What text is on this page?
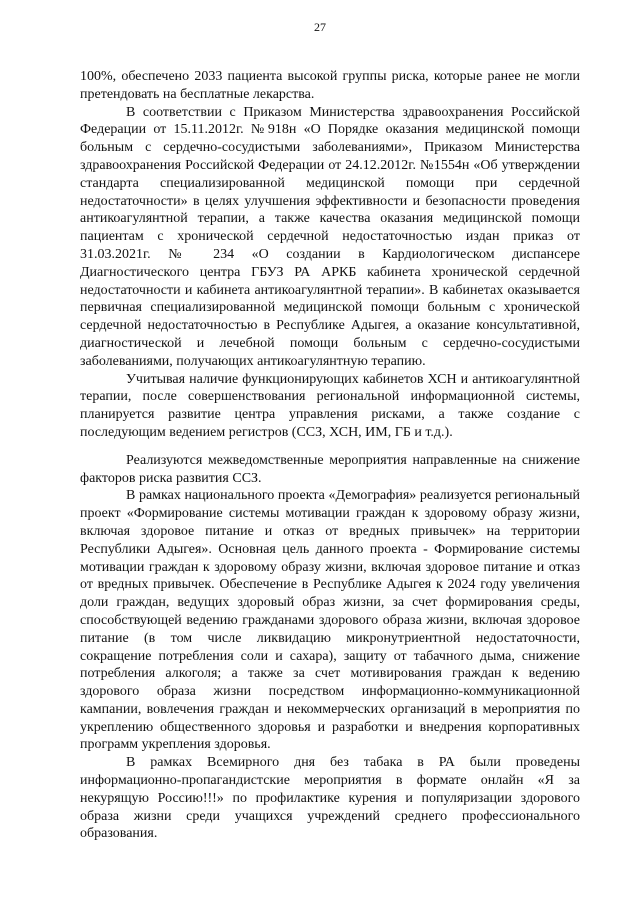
27

100%, обеспечено 2033 пациента высокой группы риска, которые ранее не могли претендовать на бесплатные лекарства.

В соответствии с Приказом Министерства здравоохранения Российской Федерации от 15.11.2012г. №918н «О Порядке оказания медицинской помощи больным с сердечно-сосудистыми заболеваниями», Приказом Министерства здравоохранения Российской Федерации от 24.12.2012г. №1554н «Об утверждении стандарта специализированной медицинской помощи при сердечной недостаточности» в целях улучшения эффективности и безопасности проведения антикоагулянтной терапии, а также качества оказания медицинской помощи пациентам с хронической сердечной недостаточностью издан приказ от 31.03.2021г. № 234 «О создании в Кардиологическом диспансере Диагностического центра ГБУЗ РА АРКБ кабинета хронической сердечной недостаточности и кабинета антикоагулянтной терапии». В кабинетах оказывается первичная специализированной медицинской помощи больным с хронической сердечной недостаточностью в Республике Адыгея, а оказание консультативной, диагностической и лечебной помощи больным с сердечно-сосудистыми заболеваниями, получающих антикоагулянтную терапию.

Учитывая наличие функционирующих кабинетов ХСН и антикоагулянтной терапии, после совершенствования региональной информационной системы, планируется развитие центра управления рисками, а также создание с последующим ведением регистров (ССЗ, ХСН, ИМ, ГБ и т.д.).

Реализуются межведомственные мероприятия направленные на снижение факторов риска развития ССЗ.

В рамках национального проекта «Демография» реализуется региональный проект «Формирование системы мотивации граждан к здоровому образу жизни, включая здоровое питание и отказ от вредных привычек» на территории Республики Адыгея». Основная цель данного проекта - Формирование системы мотивации граждан к здоровому образу жизни, включая здоровое питание и отказ от вредных привычек. Обеспечение в Республике Адыгея к 2024 году увеличения доли граждан, ведущих здоровый образ жизни, за счет формирования среды, способствующей ведению гражданами здорового образа жизни, включая здоровое питание (в том числе ликвидацию микронутриентной недостаточности, сокращение потребления соли и сахара), защиту от табачного дыма, снижение потребления алкоголя; а также за счет мотивирования граждан к ведению здорового образа жизни посредством информационно-коммуникационной кампании, вовлечения граждан и некоммерческих организаций в мероприятия по укреплению общественного здоровья и разработки и внедрения корпоративных программ укрепления здоровья.

В рамках Всемирного дня без табака в РА были проведены информационно-пропагандистские мероприятия в формате онлайн «Я за некурящую Россию!!!» по профилактике курения и популяризации здорового образа жизни среди учащихся учреждений среднего профессионального образования.
